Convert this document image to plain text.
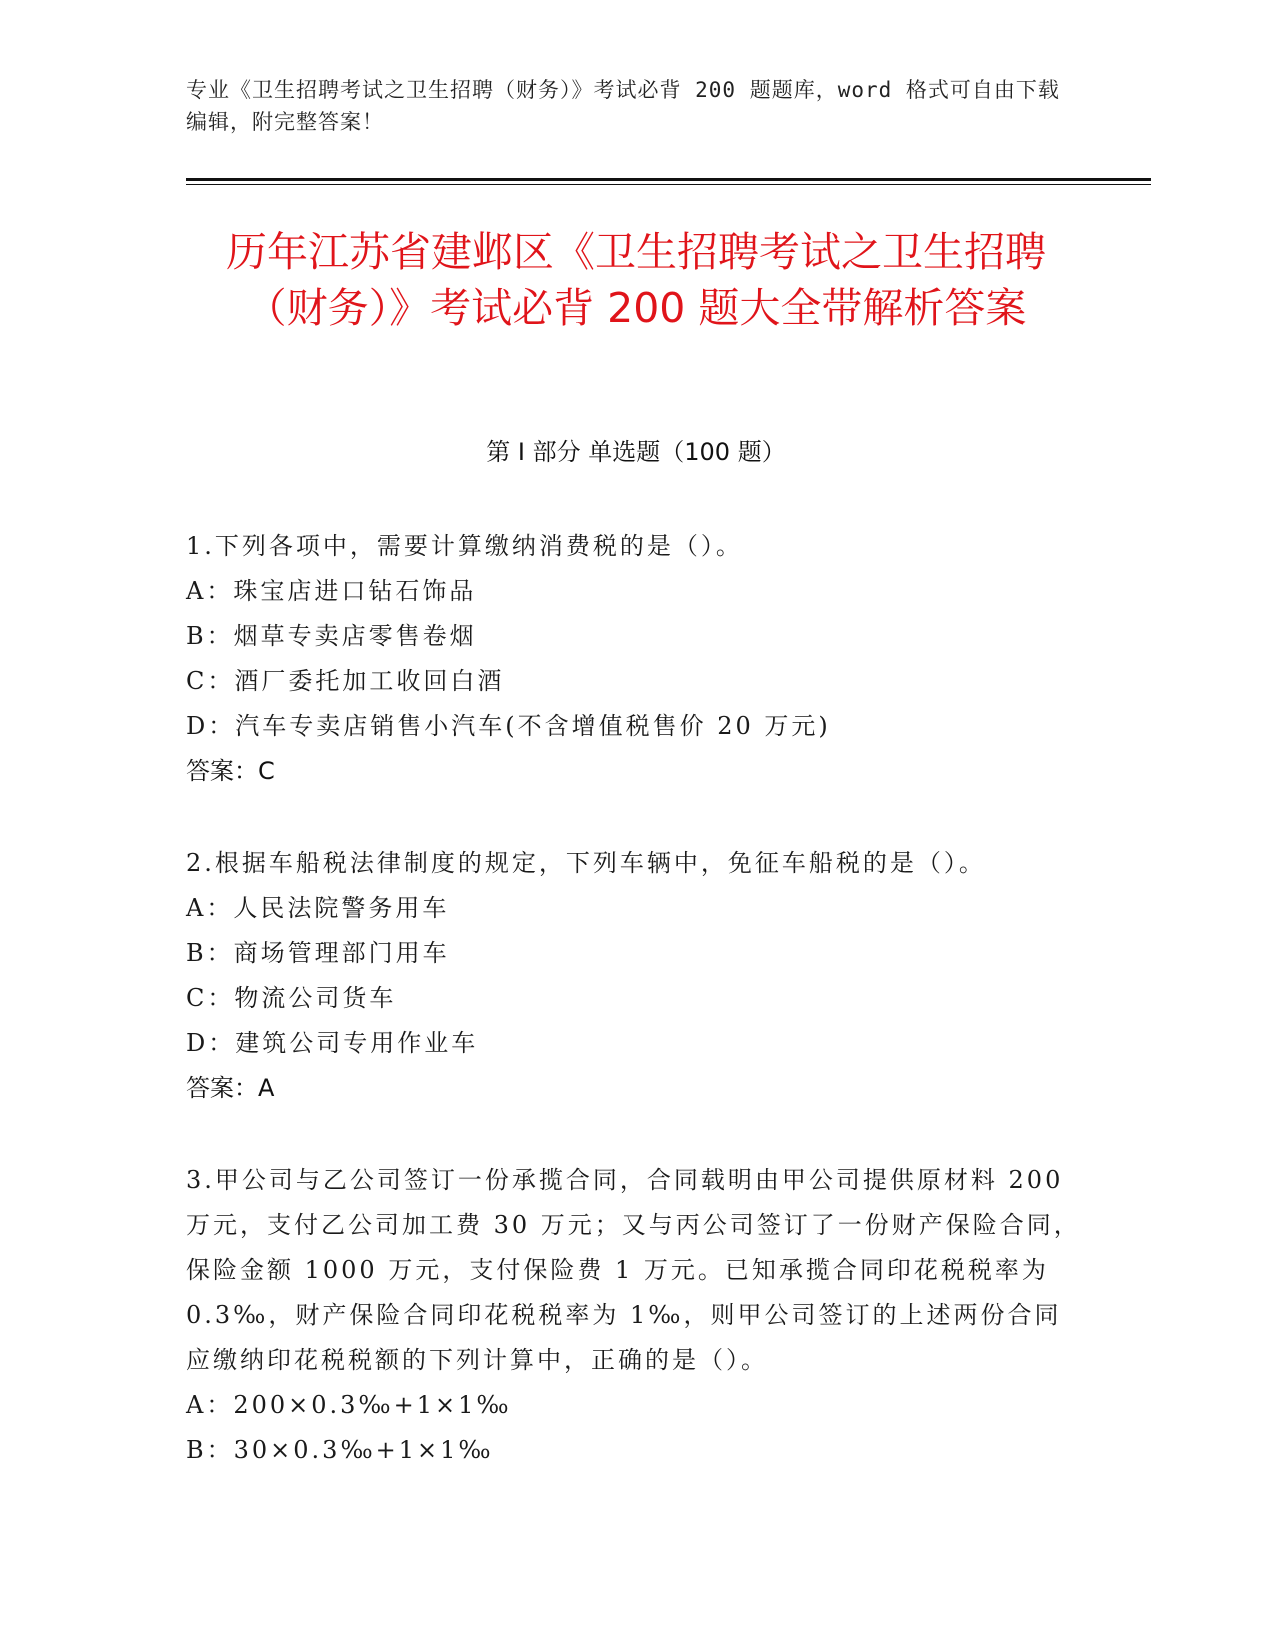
专业《卫生招聘考试之卫生招聘（财务）》考试必背 200 题题库，word 格式可自由下载编辑，附完整答案！
历年江苏省建邺区《卫生招聘考试之卫生招聘（财务）》考试必背 200 题大全带解析答案
第 I 部分 单选题（100 题）
1.下列各项中，需要计算缴纳消费税的是（）。
A：珠宝店进口钻石饰品
B：烟草专卖店零售卷烟
C：酒厂委托加工收回白酒
D：汽车专卖店销售小汽车(不含增值税售价 20 万元)
答案：C
2.根据车船税法律制度的规定，下列车辆中，免征车船税的是（）。
A：人民法院警务用车
B：商场管理部门用车
C：物流公司货车
D：建筑公司专用作业车
答案：A
3.甲公司与乙公司签订一份承揽合同，合同载明由甲公司提供原材料 200 万元，支付乙公司加工费 30 万元；又与丙公司签订了一份财产保险合同，保险金额 1000 万元，支付保险费 1 万元。已知承揽合同印花税税率为 0.3‰，财产保险合同印花税税率为 1‰，则甲公司签订的上述两份合同应缴纳印花税税额的下列计算中，正确的是（）。
A：200×0.3‰+1×1‰
B：30×0.3‰+1×1‰
